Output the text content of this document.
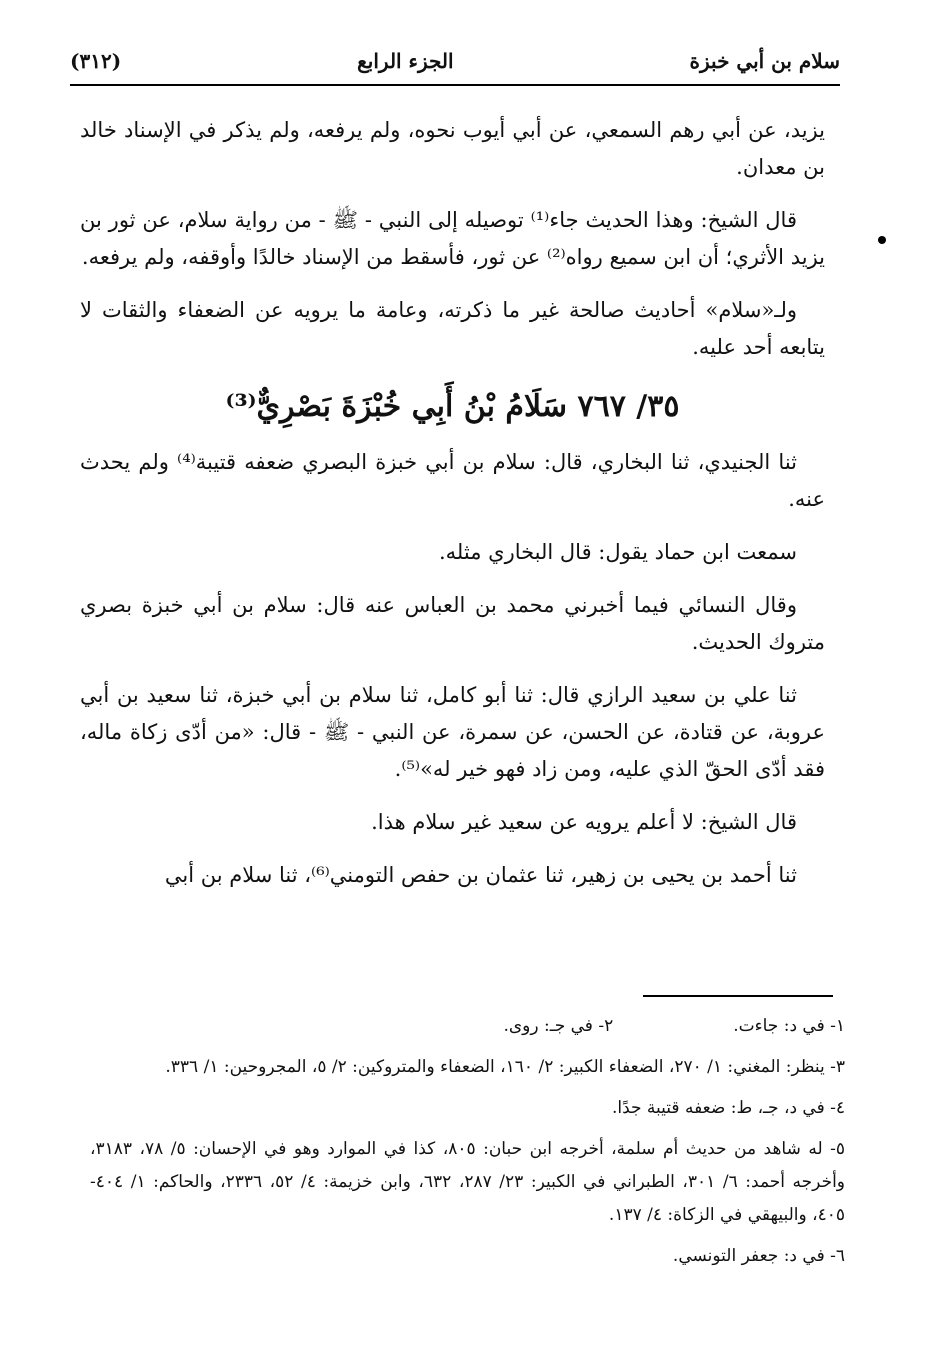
(٣١٢)	الجزء الرابع	سلام بن أبي خبزة

يزيد، عن أبي رهم السمعي، عن أبي أيوب نحوه، ولم يرفعه، ولم يذكر في الإسناد خالد بن معدان.

قال الشيخ: وهذا الحديث جاء⁽¹⁾ توصيله إلى النبي - ﷺ - من رواية سلام، عن ثور بن يزيد الأثري؛ أن ابن سميع رواه⁽²⁾ عن ثور، فأسقط من الإسناد خالدًا وأوقفه، ولم يرفعه.

ولـ«سلام» أحاديث صالحة غير ما ذكرته، وعامة ما يرويه عن الضعفاء والثقات لا يتابعه أحد عليه.

٣٥/ ٧٦٧ سَلَامُ بْنُ أَبِي خُبْزَةَ بَصْرِيٌّ⁽³⁾

ثنا الجنيدي، ثنا البخاري، قال: سلام بن أبي خبزة البصري ضعفه قتيبة⁽⁴⁾ ولم يحدث عنه.

سمعت ابن حماد يقول: قال البخاري مثله.

وقال النسائي فيما أخبرني محمد بن العباس عنه قال: سلام بن أبي خبزة بصري متروك الحديث.

ثنا علي بن سعيد الرازي قال: ثنا أبو كامل، ثنا سلام بن أبي خبزة، ثنا سعيد بن أبي عروبة، عن قتادة، عن الحسن، عن سمرة، عن النبي - ﷺ - قال: «من أدّى زكاة ماله، فقد أدّى الحقّ الذي عليه، ومن زاد فهو خير له»⁽⁵⁾.

قال الشيخ: لا أعلم يرويه عن سعيد غير سلام هذا.

ثنا أحمد بن يحيى بن زهير، ثنا عثمان بن حفص التومني⁽⁶⁾، ثنا سلام بن أبي

١- في د: جاءت.
٢- في جـ: روى.

٣- ينظر: المغني: ١/ ٢٧٠، الضعفاء الكبير: ٢/ ١٦٠، الضعفاء والمتروكين: ٢/ ٥، المجروحين: ١/ ٣٣٦.

٤- في د، جـ، ط: ضعفه قتيبة جدًا.

٥- له شاهد من حديث أم سلمة، أخرجه ابن حبان: ٨٠٥، كذا في الموارد وهو في الإحسان: ٥/ ٧٨، ٣١٨٣، وأخرجه أحمد: ٦/ ٣٠١، الطبراني في الكبير: ٢٣/ ٢٨٧، ٦٣٢، وابن خزيمة: ٤/ ٥٢، ٢٣٣٦، والحاكم: ١/ ٤٠٤- ٤٠٥، والبيهقي في الزكاة: ٤/ ١٣٧.

٦- في د: جعفر التونسي.
